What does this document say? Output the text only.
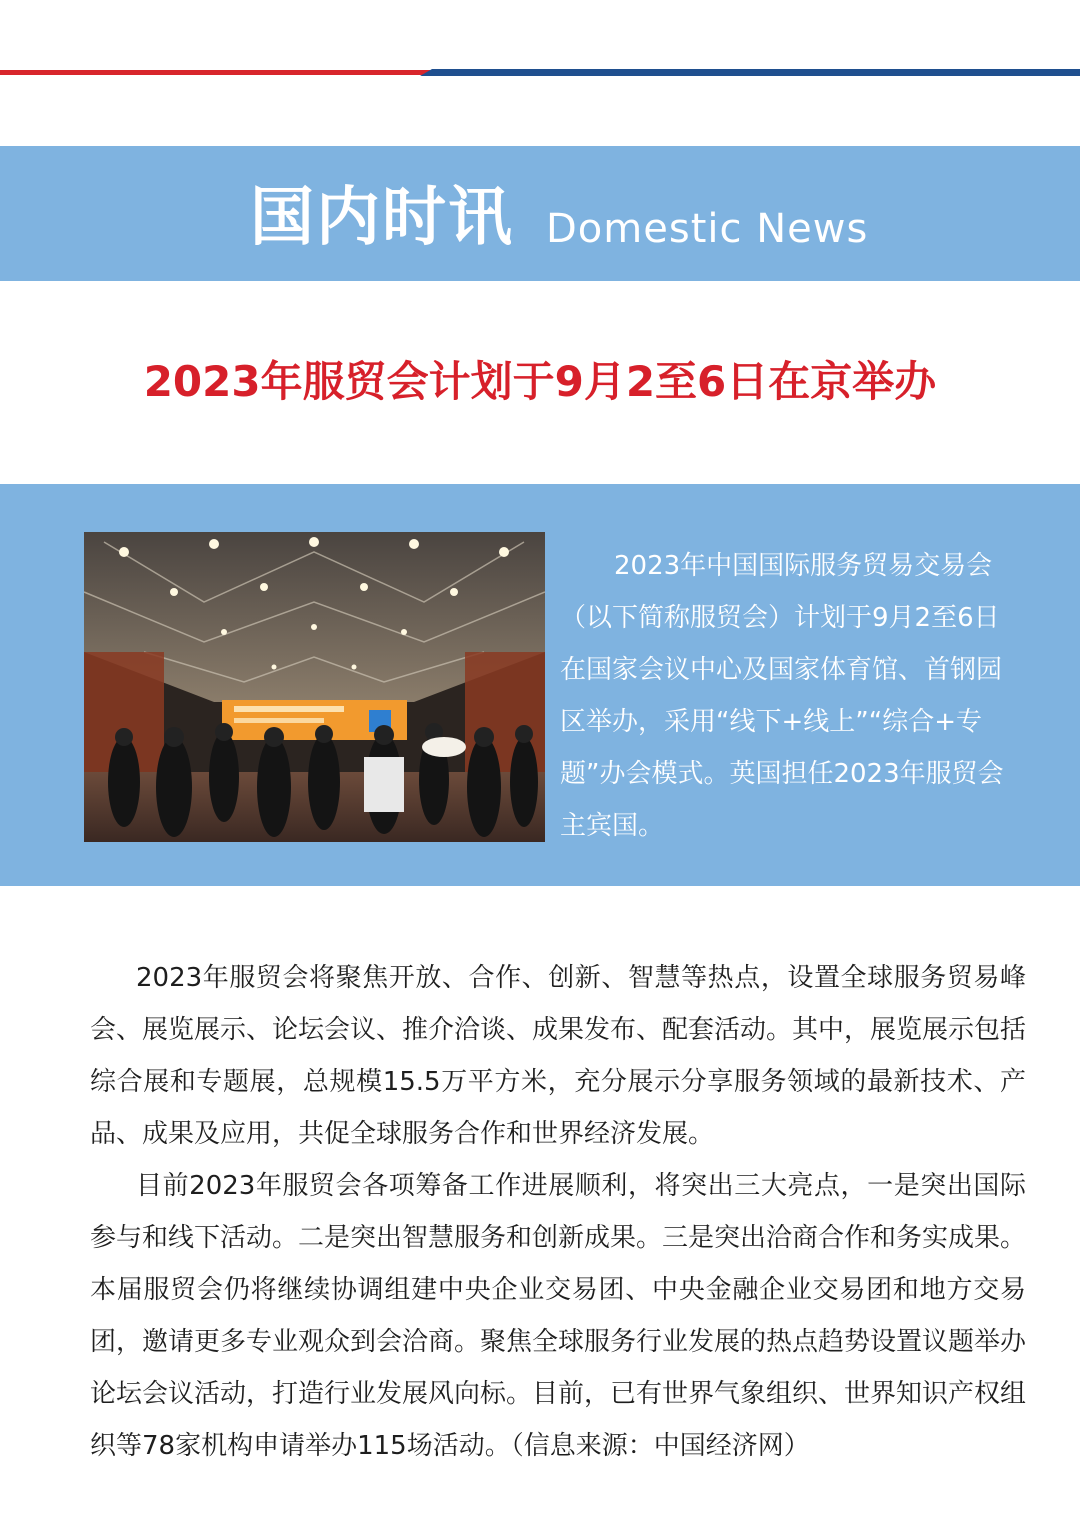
国内时讯 Domestic News
2023年服贸会计划于9月2至6日在京举办
2023年中国国际服务贸易交易会（以下简称服贸会）计划于9月2至6日在国家会议中心及国家体育馆、首钢园区举办，采用“线下+线上”“综合+专题”办会模式。英国担任2023年服贸会主宾国。

2023年服贸会将聚焦开放、合作、创新、智慧等热点，设置全球服务贸易峰会、展览展示、论坛会议、推介洽谈、成果发布、配套活动。其中，展览展示包括综合展和专题展，总规模15.5万平方米，充分展示分享服务领域的最新技术、产品、成果及应用，共促全球服务合作和世界经济发展。

目前2023年服贸会各项筹备工作进展顺利，将突出三大亮点，一是突出国际参与和线下活动。二是突出智慧服务和创新成果。三是突出洽商合作和务实成果。本届服贸会仍将继续协调组建中央企业交易团、中央金融企业交易团和地方交易团，邀请更多专业观众到会洽商。聚焦全球服务行业发展的热点趋势设置议题举办论坛会议活动，打造行业发展风向标。目前，已有世界气象组织、世界知识产权组织等78家机构申请举办115场活动。（信息来源：中国经济网）
